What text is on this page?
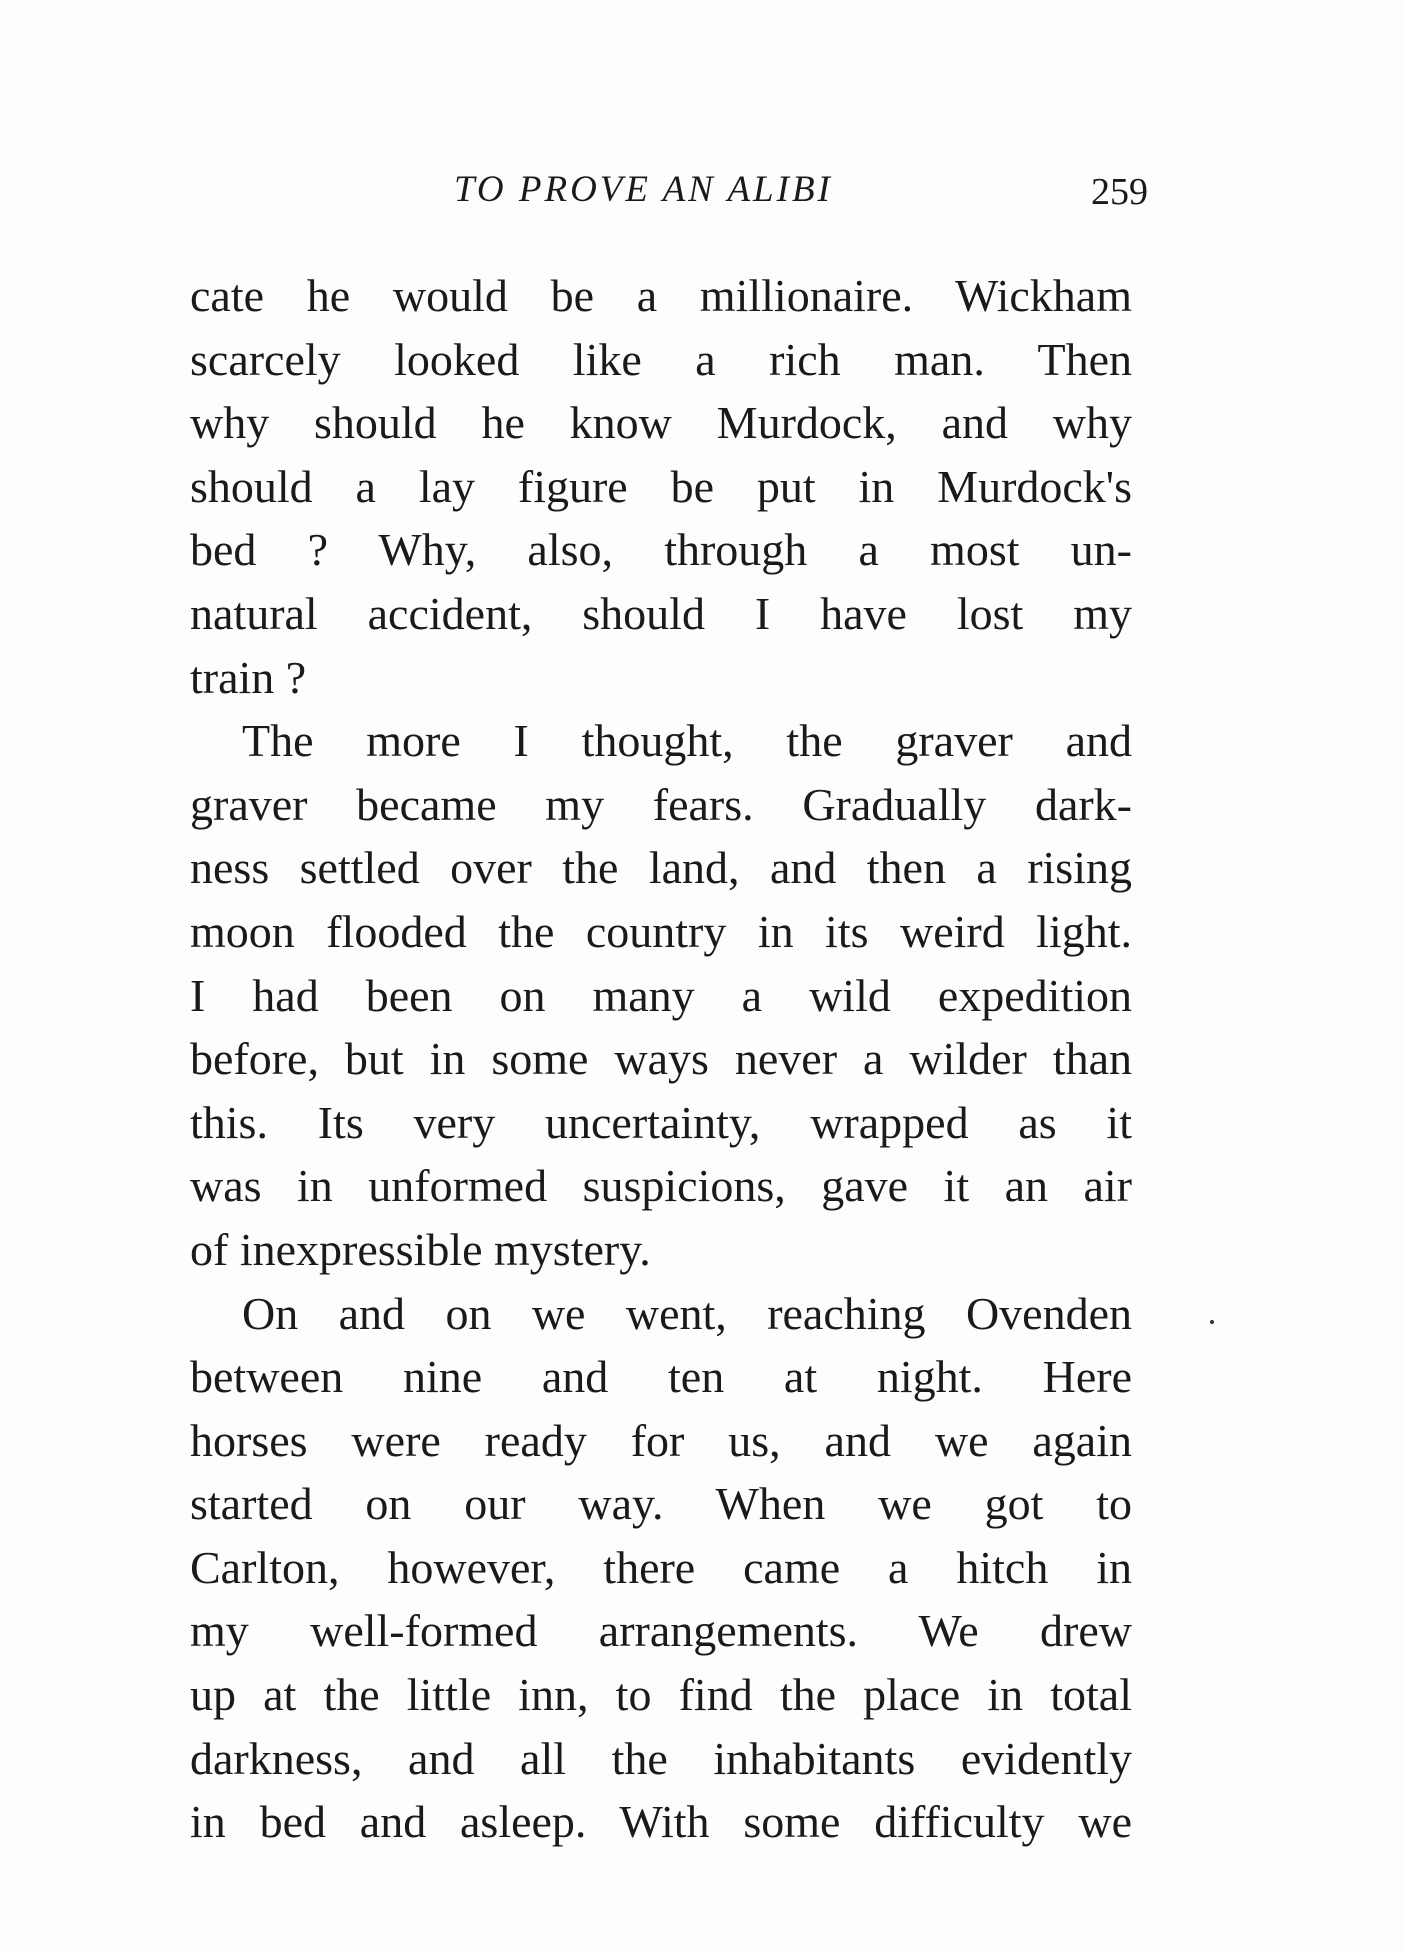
TO PROVE AN ALIBI	259
cate he would be a millionaire. Wickham
scarcely looked like a rich man. Then
why should he know Murdock, and why
should a lay figure be put in Murdock's
bed ? Why, also, through a most un-
natural accident, should I have lost my
train ?
The more I thought, the graver and
graver became my fears. Gradually dark-
ness settled over the land, and then a rising
moon flooded the country in its weird light.
I had been on many a wild expedition
before, but in some ways never a wilder than
this. Its very uncertainty, wrapped as it
was in unformed suspicions, gave it an air
of inexpressible mystery.
On and on we went, reaching Ovenden
between nine and ten at night. Here
horses were ready for us, and we again
started on our way. When we got to
Carlton, however, there came a hitch in
my well-formed arrangements. We drew
up at the little inn, to find the place in total
darkness, and all the inhabitants evidently
in bed and asleep. With some difficulty we
